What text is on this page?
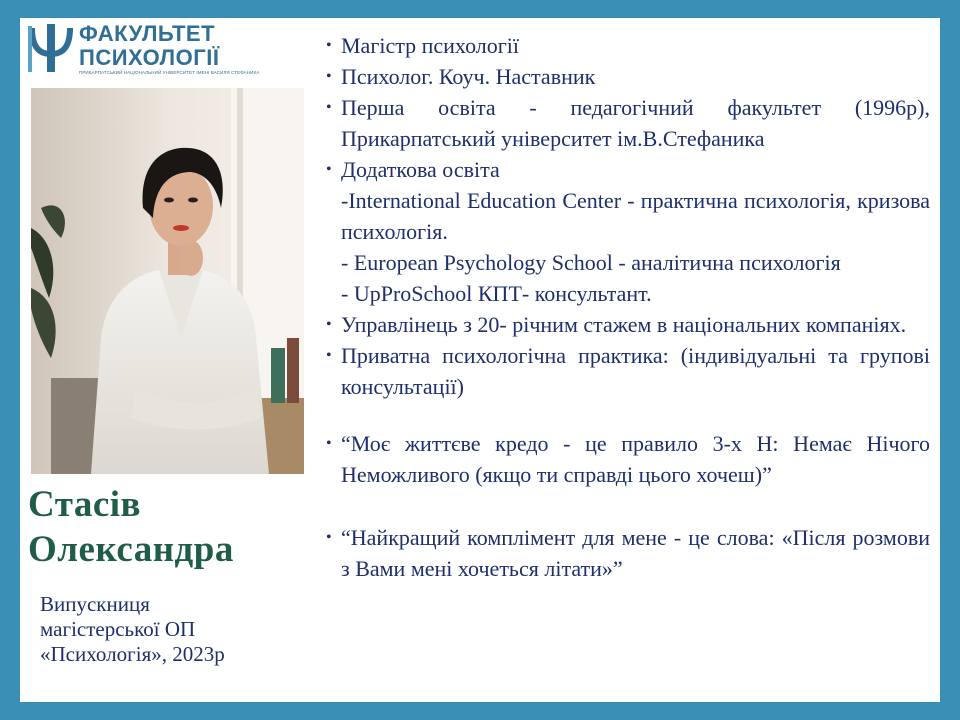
ФАКУЛЬТЕТ
ПСИХОЛОГІЇ
ПРИКАРПАТСЬКИЙ НАЦІОНАЛЬНИЙ УНІВЕРСИТЕТ ІМЕНІ ВАСИЛЯ СТЕФАНИКА
Стасів
Олександра
Випускниця
магістерської ОП
«Психологія», 2023р
• Магістр психології
• Психолог. Коуч. Наставник
• Перша освіта - педагогічний факультет (1996р), Прикарпатський університет ім.В.Стефаника
• Додаткова освіта
-International Education Center - практична психологія, кризова психологія.
- European Psychology School - аналітична психологія
- UpProSchool КПТ- консультант.
• Управлінець з 20- річним стажем в національних компаніях.
• Приватна психологічна практика: (індивідуальні та групові консультації)
• “Моє життєве кредо - це правило 3-х Н: Немає Нічого Неможливого (якщо ти справді цього хочеш)”
• “Найкращий комплімент для мене - це слова: «Після розмови з Вами мені хочеться літати»”
